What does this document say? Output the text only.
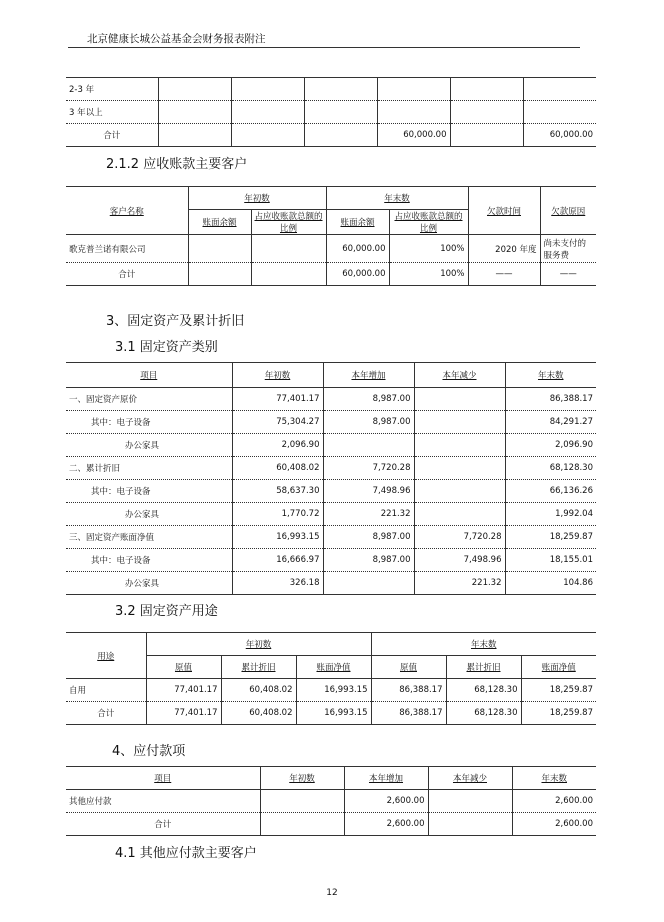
北京健康长城公益基金会财务报表附注
2-3 年						
3 年以上						
合计				60,000.00		60,000.00
2.1.2 应收账款主要客户
客户名称	年初数		年末数		欠款时间	欠款原因
	账面余额	占应收账款总额的比例	账面余额	占应收账款总额的比例		
歌克普兰诺有限公司			60,000.00	100%	2020 年度	尚未支付的服务费
合计			60,000.00	100%	——	——
3、固定资产及累计折旧
3.1 固定资产类别
项目	年初数	本年增加	本年减少	年末数
一、固定资产原价	77,401.17	8,987.00		86,388.17
其中：电子设备	75,304.27	8,987.00		84,291.27
办公家具	2,096.90			2,096.90
二、累计折旧	60,408.02	7,720.28		68,128.30
其中：电子设备	58,637.30	7,498.96		66,136.26
办公家具	1,770.72	221.32		1,992.04
三、固定资产账面净值	16,993.15	8,987.00	7,720.28	18,259.87
其中：电子设备	16,666.97	8,987.00	7,498.96	18,155.01
办公家具	326.18		221.32	104.86
3.2 固定资产用途
用途	年初数			年末数		
	原值	累计折旧	账面净值	原值	累计折旧	账面净值
自用	77,401.17	60,408.02	16,993.15	86,388.17	68,128.30	18,259.87
合计	77,401.17	60,408.02	16,993.15	86,388.17	68,128.30	18,259.87
4、应付款项
项目	年初数	本年增加	本年减少	年末数
其他应付款		2,600.00		2,600.00
合计		2,600.00		2,600.00
4.1 其他应付款主要客户
12
